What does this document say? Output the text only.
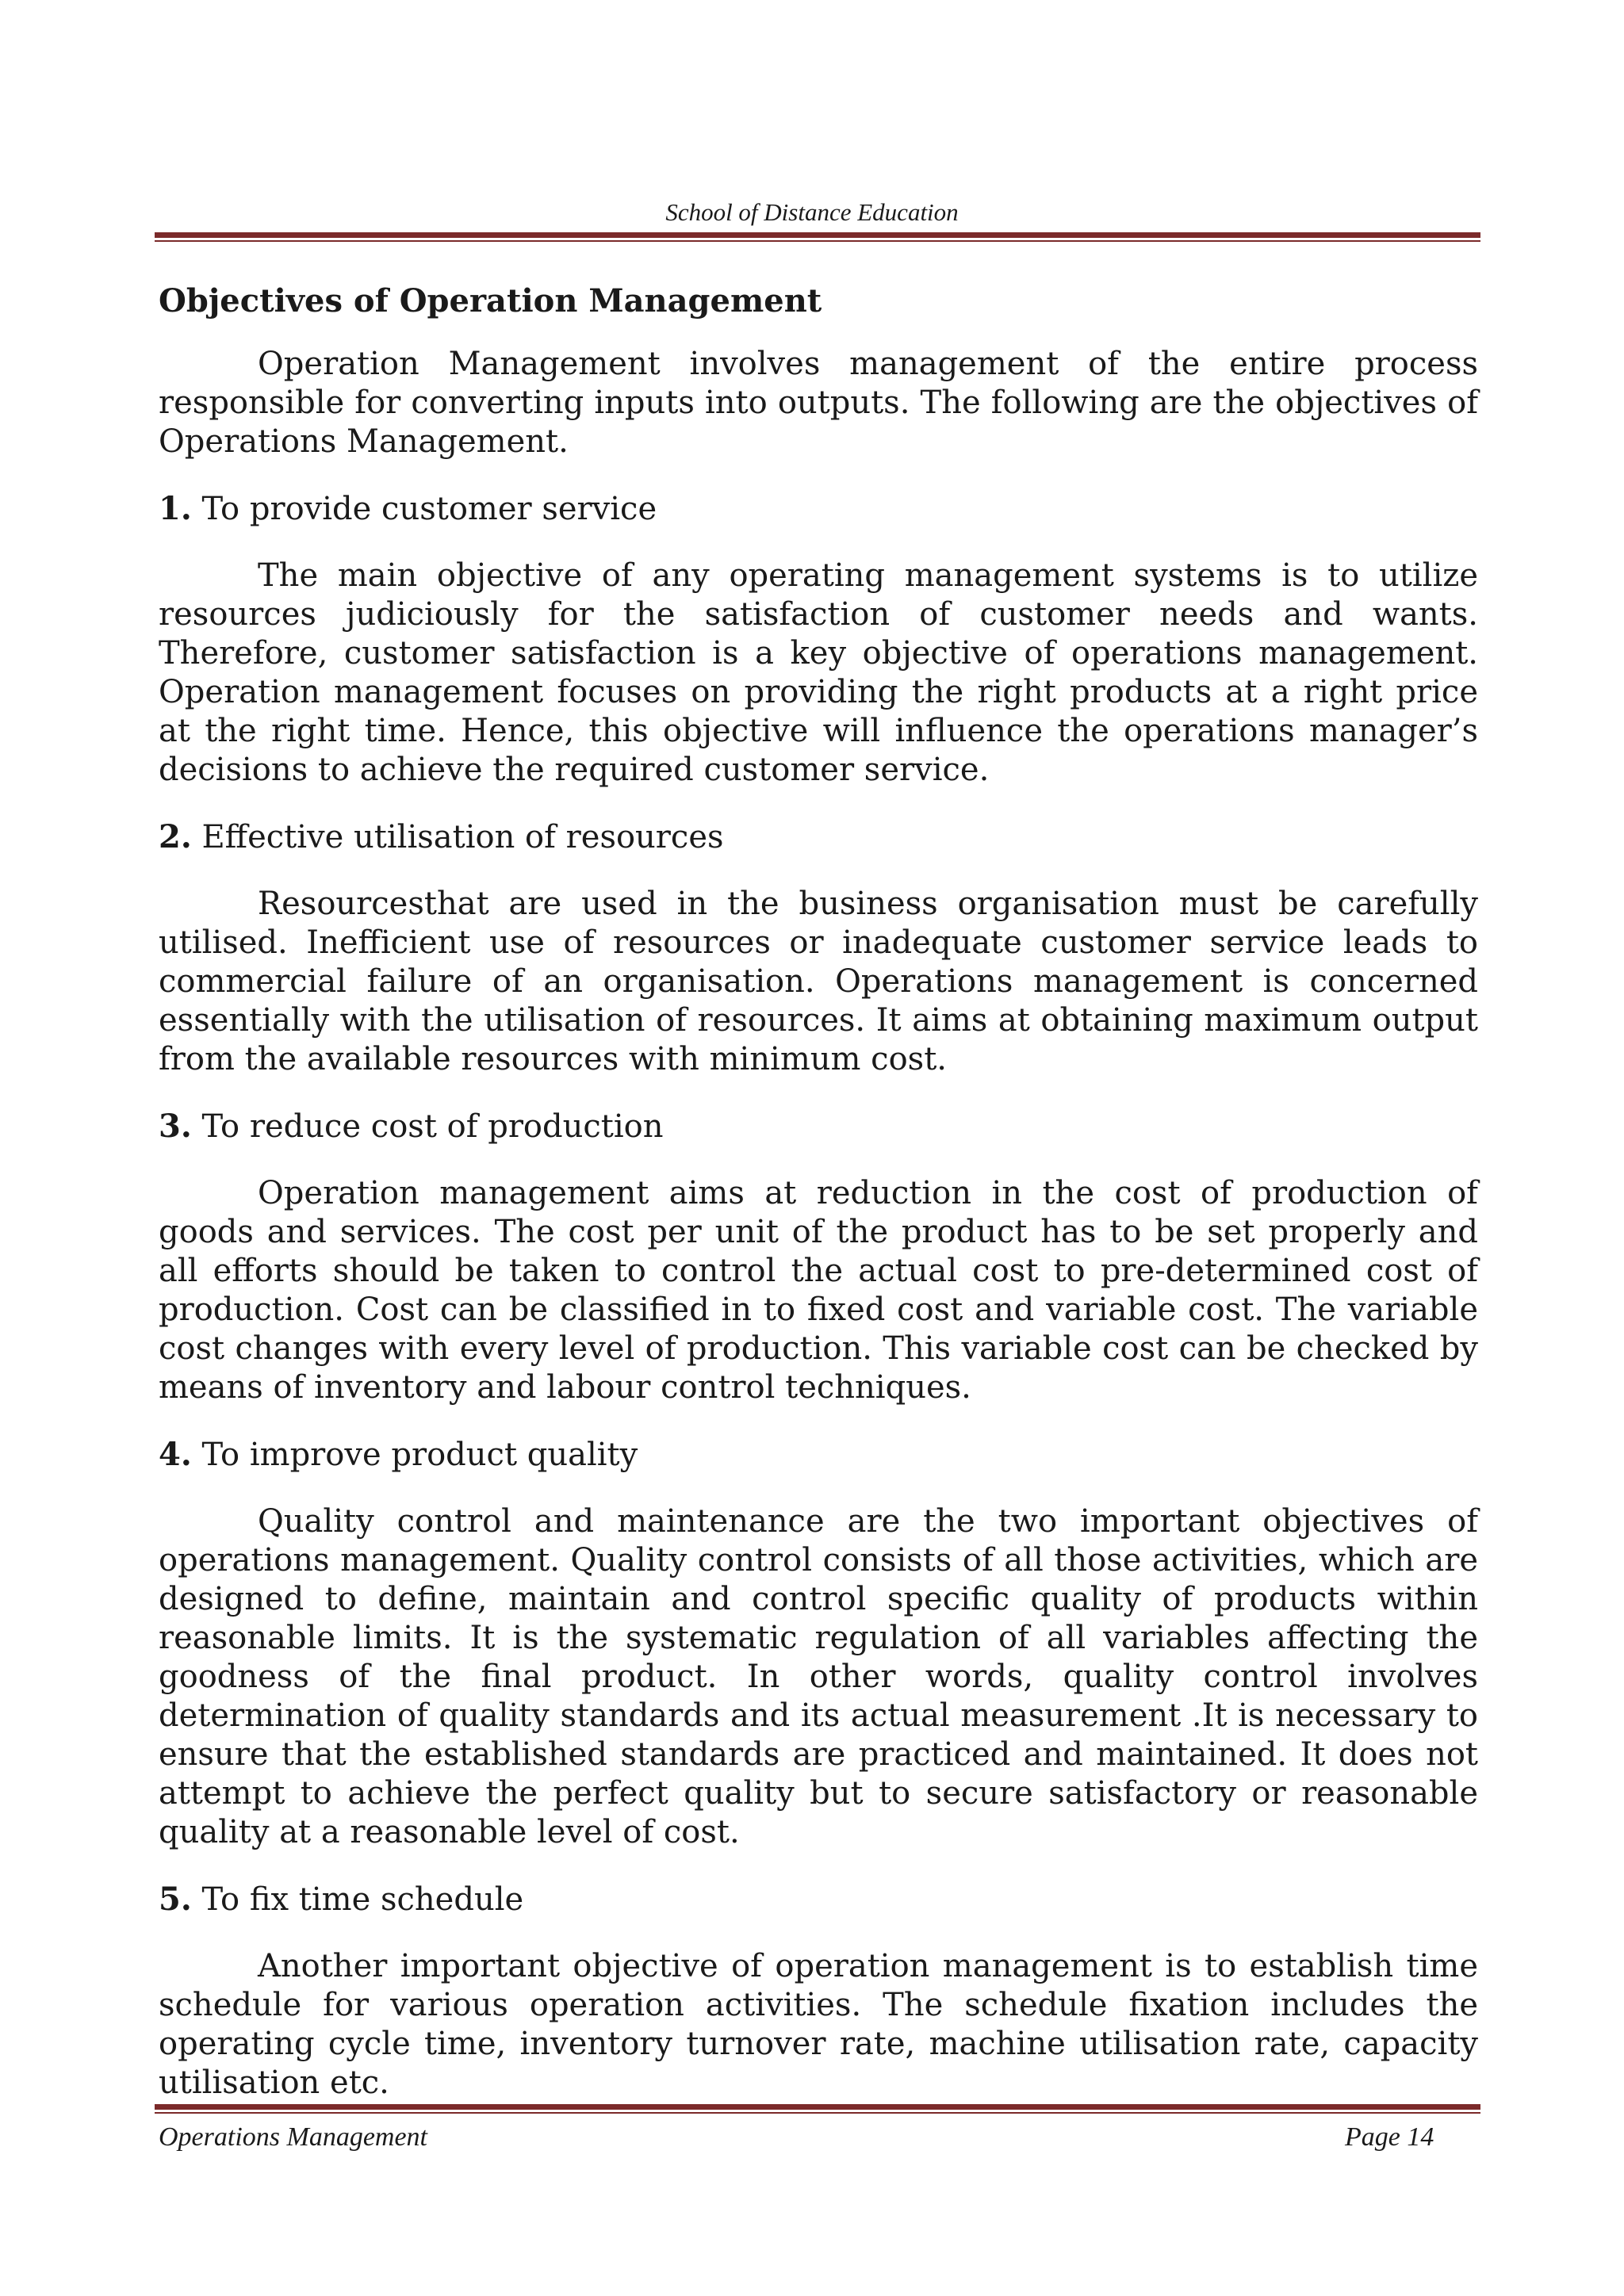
School of Distance Education
Objectives of Operation Management

Operation Management involves management of the entire process responsible for converting inputs into outputs. The following are the objectives of Operations Management.

1. To provide customer service

The main objective of any operating management systems is to utilize resources judiciously for the satisfaction of customer needs and wants. Therefore, customer satisfaction is a key objective of operations management. Operation management focuses on providing the right products at a right price at the right time. Hence, this objective will influence the operations manager’s decisions to achieve the required customer service.

2. Effective utilisation of resources

Resourcesthat are used in the business organisation must be carefully utilised. Inefficient use of resources or inadequate customer service leads to commercial failure of an organisation. Operations management is concerned essentially with the utilisation of resources. It aims at obtaining maximum output from the available resources with minimum cost.

3. To reduce cost of production

Operation management aims at reduction in the cost of production of goods and services. The cost per unit of the product has to be set properly and all efforts should be taken to control the actual cost to pre-determined cost of production. Cost can be classified in to fixed cost and variable cost. The variable cost changes with every level of production. This variable cost can be checked by means of inventory and labour control techniques.

4. To improve product quality

Quality control and maintenance are the two important objectives of operations management. Quality control consists of all those activities, which are designed to define, maintain and control specific quality of products within reasonable limits. It is the systematic regulation of all variables affecting the goodness of the final product. In other words, quality control involves determination of quality standards and its actual measurement .It is necessary to ensure that the established standards are practiced and maintained. It does not attempt to achieve the perfect quality but to secure satisfactory or reasonable quality at a reasonable level of cost.

5. To fix time schedule

Another important objective of operation management is to establish time schedule for various operation activities. The schedule fixation includes the operating cycle time, inventory turnover rate, machine utilisation rate, capacity utilisation etc.

Operations Management	Page 14
